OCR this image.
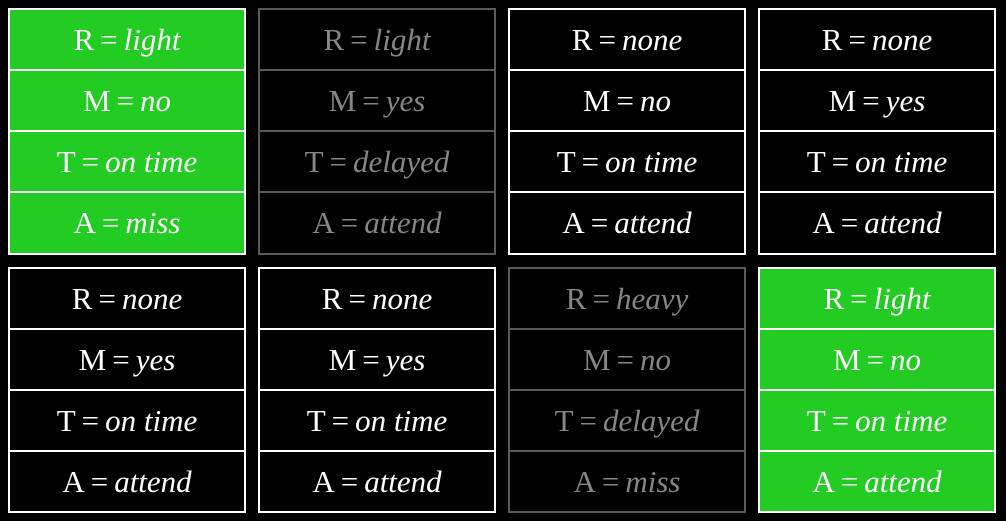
R = light
M = no
T = on time
A = miss
R = light
M = yes
T = delayed
A = attend
R = none
M = no
T = on time
A = attend
R = none
M = yes
T = on time
A = attend
R = none
M = yes
T = on time
A = attend
R = none
M = yes
T = on time
A = attend
R = heavy
M = no
T = delayed
A = miss
R = light
M = no
T = on time
A = attend
